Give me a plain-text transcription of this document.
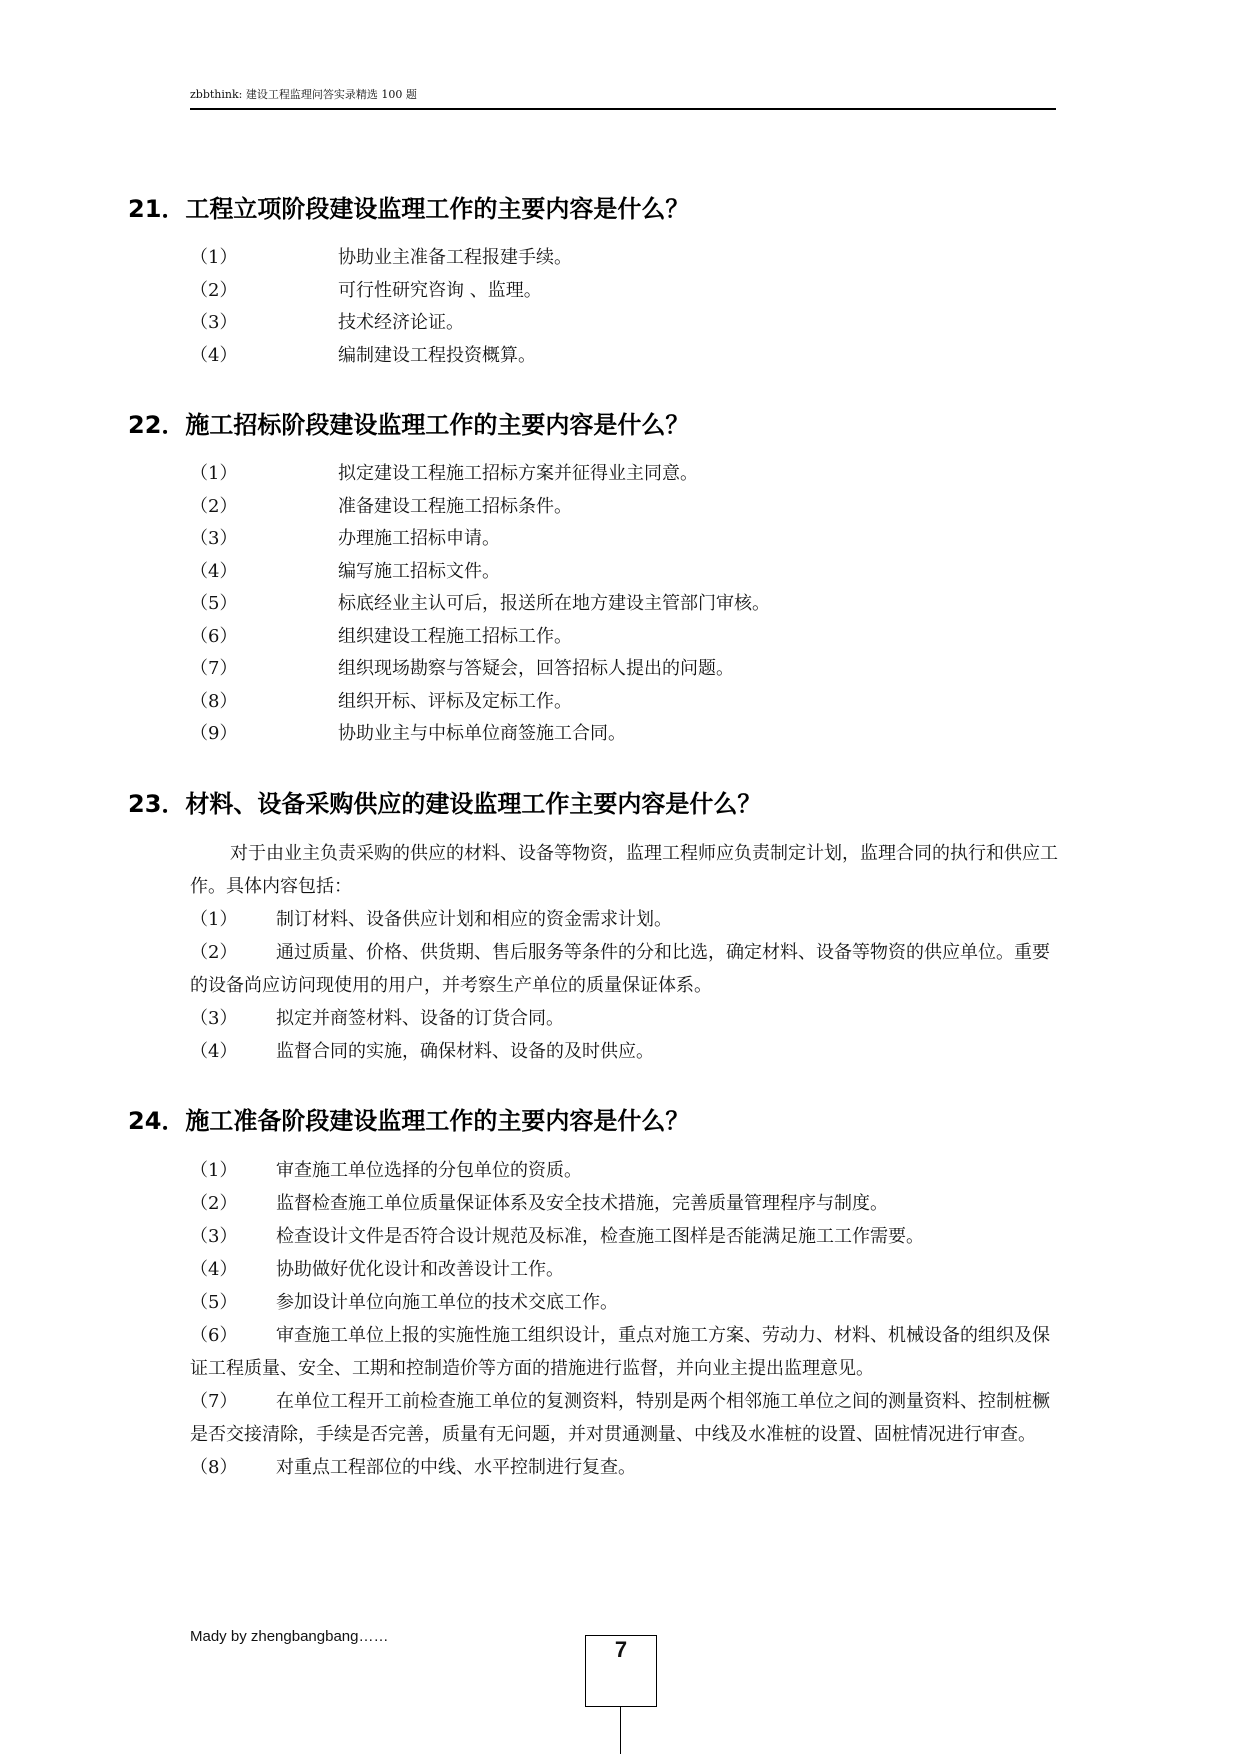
zbbthink: 建设工程监理问答实录精选 100 题
21．工程立项阶段建设监理工作的主要内容是什么？
（1）	协助业主准备工程报建手续。
（2）	可行性研究咨询 、监理。
（3）	技术经济论证。
（4）	编制建设工程投资概算。
22．施工招标阶段建设监理工作的主要内容是什么？
（1）	拟定建设工程施工招标方案并征得业主同意。
（2）	准备建设工程施工招标条件。
（3）	办理施工招标申请。
（4）	编写施工招标文件。
（5）	标底经业主认可后，报送所在地方建设主管部门审核。
（6）	组织建设工程施工招标工作。
（7）	组织现场勘察与答疑会，回答招标人提出的问题。
（8）	组织开标、评标及定标工作。
（9）	协助业主与中标单位商签施工合同。
23．材料、设备采购供应的建设监理工作主要内容是什么？
对于由业主负责采购的供应的材料、设备等物资，监理工程师应负责制定计划，监理合同的执行和供应工作。具体内容包括：
（1） 制订材料、设备供应计划和相应的资金需求计划。
（2） 通过质量、价格、供货期、售后服务等条件的分和比选，确定材料、设备等物资的供应单位。重要的设备尚应访问现使用的用户，并考察生产单位的质量保证体系。
（3） 拟定并商签材料、设备的订货合同。
（4） 监督合同的实施，确保材料、设备的及时供应。
24．施工准备阶段建设监理工作的主要内容是什么？
（1） 审查施工单位选择的分包单位的资质。
（2） 监督检查施工单位质量保证体系及安全技术措施，完善质量管理程序与制度。
（3） 检查设计文件是否符合设计规范及标准，检查施工图样是否能满足施工工作需要。
（4） 协助做好优化设计和改善设计工作。
（5） 参加设计单位向施工单位的技术交底工作。
（6） 审查施工单位上报的实施性施工组织设计，重点对施工方案、劳动力、材料、机械设备的组织及保证工程质量、安全、工期和控制造价等方面的措施进行监督，并向业主提出监理意见。
（7） 在单位工程开工前检查施工单位的复测资料，特别是两个相邻施工单位之间的测量资料、控制桩橛是否交接清除，手续是否完善，质量有无问题，并对贯通测量、中线及水准桩的设置、固桩情况进行审查。
（8） 对重点工程部位的中线、水平控制进行复查。
Mady by zhengbangbang……
7
